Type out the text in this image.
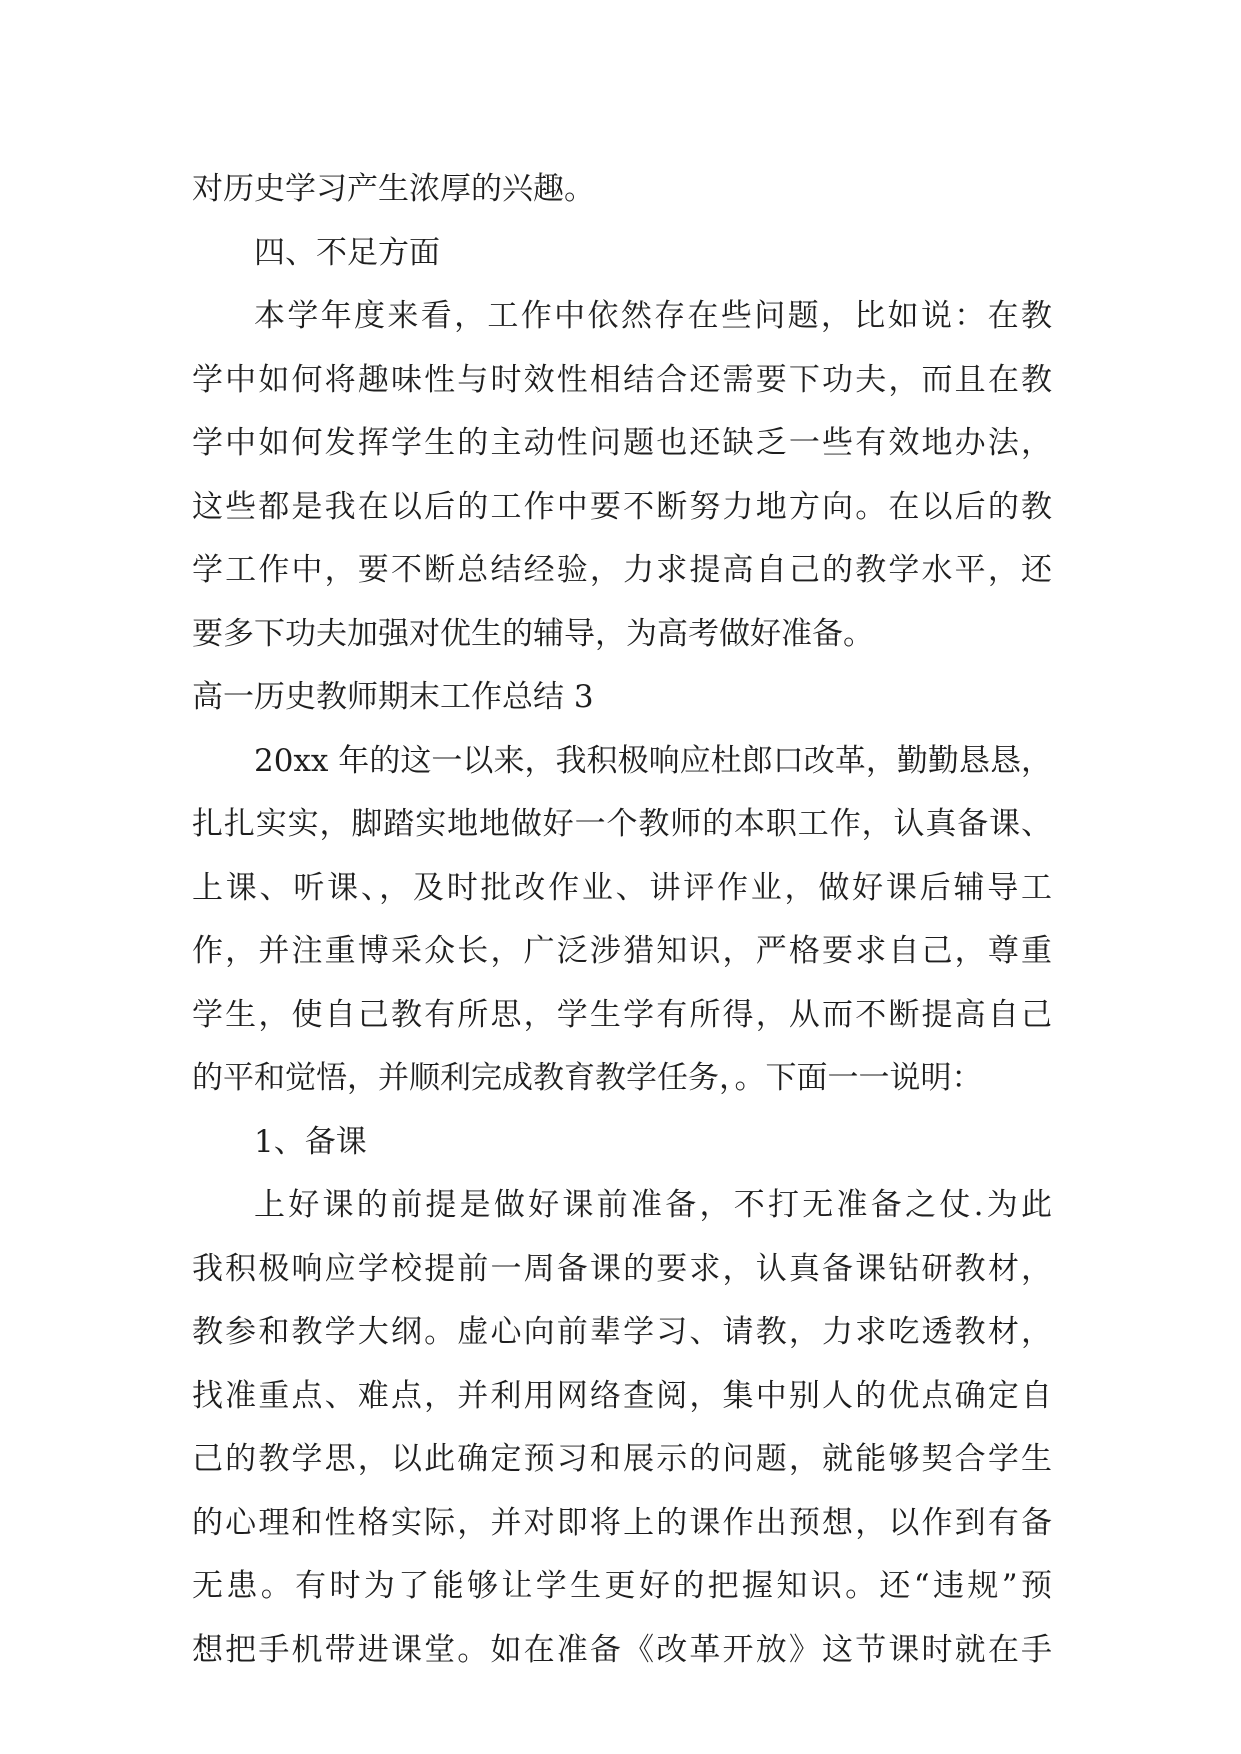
对历史学习产生浓厚的兴趣。
四、不足方面
本学年度来看，工作中依然存在些问题，比如说：在教
学中如何将趣味性与时效性相结合还需要下功夫，而且在教
学中如何发挥学生的主动性问题也还缺乏一些有效地办法，
这些都是我在以后的工作中要不断努力地方向。在以后的教
学工作中，要不断总结经验，力求提高自己的教学水平，还
要多下功夫加强对优生的辅导，为高考做好准备。
高一历史教师期末工作总结 3
20xx 年的这一以来，我积极响应杜郎口改革，勤勤恳恳，
扎扎实实，脚踏实地地做好一个教师的本职工作，认真备课、
上课、听课、，及时批改作业、讲评作业，做好课后辅导工
作，并注重博采众长，广泛涉猎知识，严格要求自己，尊重
学生，使自己教有所思，学生学有所得，从而不断提高自己
的平和觉悟，并顺利完成教育教学任务，。下面一一说明：
1、备课
上好课的前提是做好课前准备，不打无准备之仗.为此
我积极响应学校提前一周备课的要求，认真备课钻研教材，
教参和教学大纲。虚心向前辈学习、请教，力求吃透教材，
找准重点、难点，并利用网络查阅，集中别人的优点确定自
己的教学思，以此确定预习和展示的问题，就能够契合学生
的心理和性格实际，并对即将上的课作出预想，以作到有备
无患。有时为了能够让学生更好的把握知识。还“违规”预
想把手机带进课堂。如在准备《改革开放》这节课时就在手
